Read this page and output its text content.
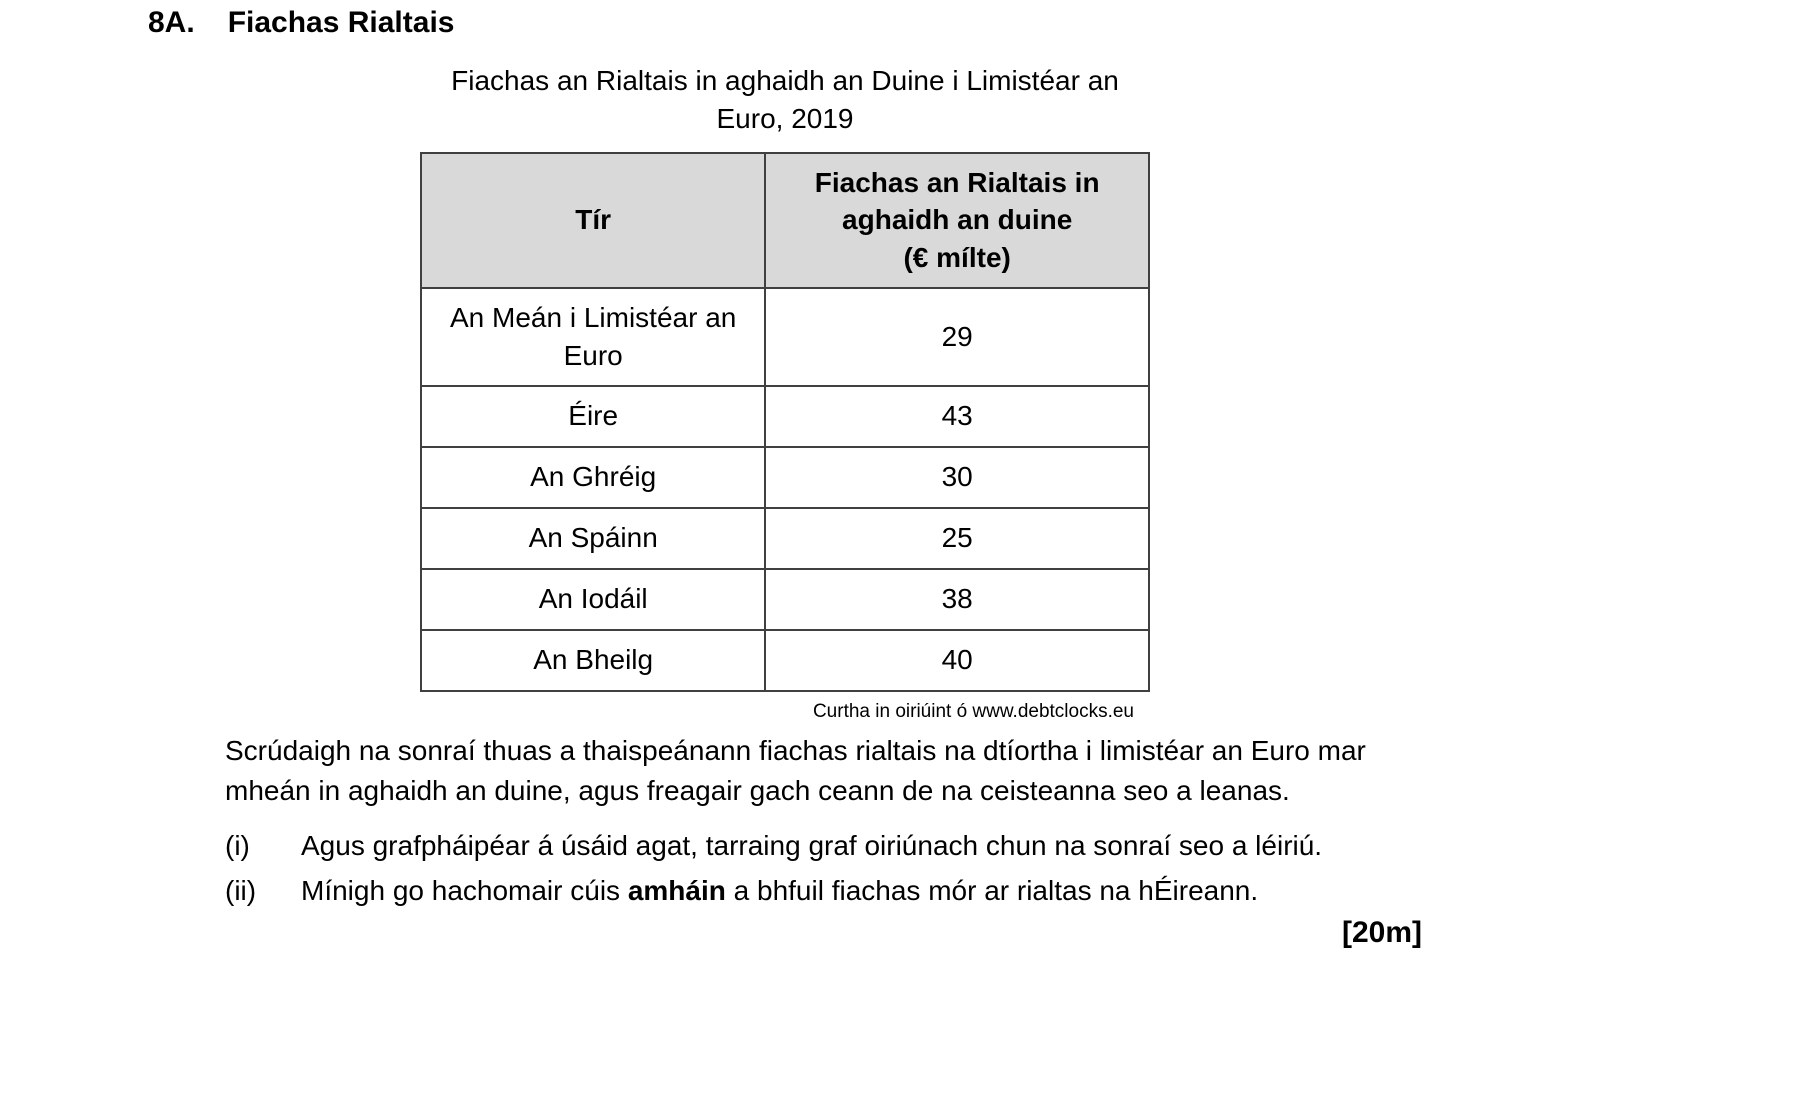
8A. Fiachas Rialtais
Fiachas an Rialtais in aghaidh an Duine i Limistéar an
Euro, 2019
Tír	Fiachas an Rialtais in
aghaidh an duine
(€ mílte)

An Meán i Limistéar an Euro	29
Éire	43
An Ghréig	30
An Spáinn	25
An Iodáil	38
An Bheilg	40
Curtha in oiriúint ó www.debtclocks.eu

Scrúdaigh na sonraí thuas a thaispeánann fiachas rialtais na dtíortha i limistéar an Euro mar mheán in aghaidh an duine, agus freagair gach ceann de na ceisteanna seo a leanas.

(i)	Agus grafpháipéar á úsáid agat, tarraing graf oiriúnach chun na sonraí seo a léiriú.
(ii)	Mínigh go hachomair cúis amháin a bhfuil fiachas mór ar rialtas na hÉireann.
[20m]
